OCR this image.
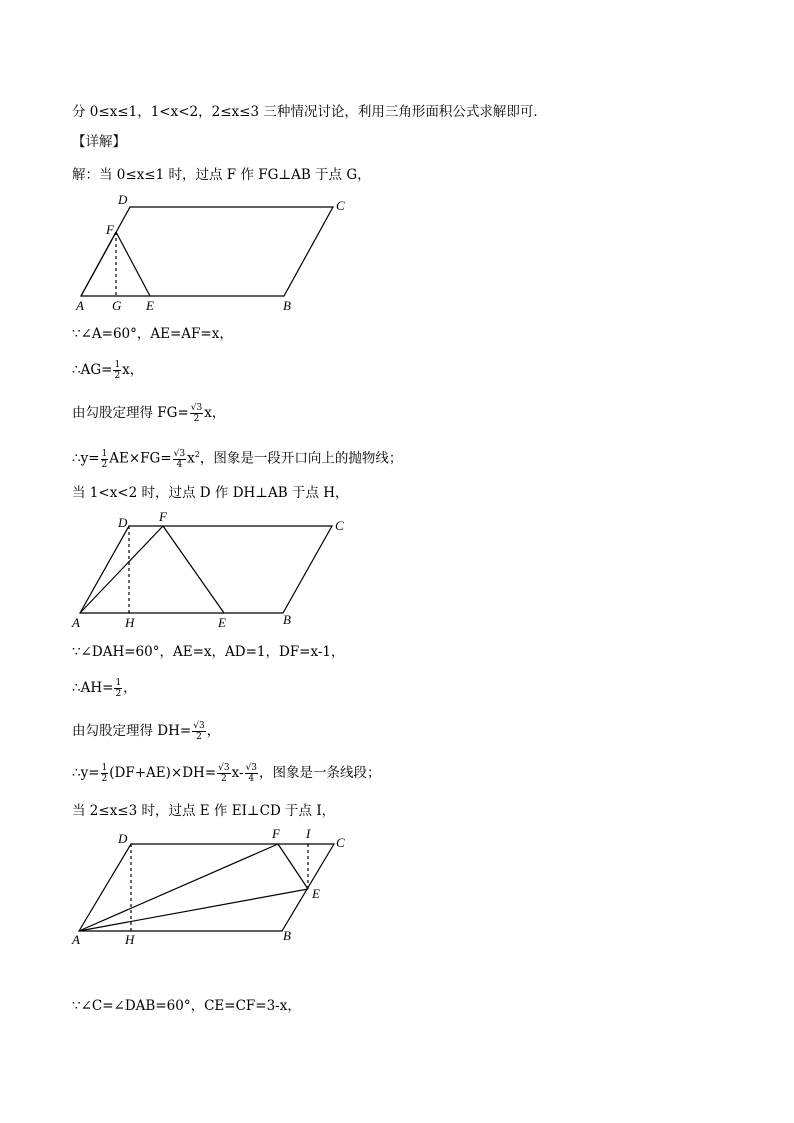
分 0≤x≤1，1<x<2，2≤x≤3 三种情况讨论，利用三角形面积公式求解即可．
【详解】
解：当 0≤x≤1 时，过点 F 作 FG⊥AB 于点 G，
A G E	B
D	C
F
∵∠A=60°，AE=AF=x，
∴AG= $\frac{1}{2}$ x，
由勾股定理得 $FG= \frac{√3}{2}$ x，
∴y= $\frac{1}{2} AE\times FG= \frac{√3}{4} x^2$，图象是一段开口向上的抛物线；
当 1<x<2 时，过点 D 作 DH⊥AB 于点 H，
A	H	E	B
D	C
F
∵∠DAH=60°，AE=x，AD=1，DF=x-1，
∴AH= $\frac{1}{2}$ ，
由勾股定理得 $DH= \frac{√3}{2}$ ，
∴y= $\frac{1}{2} (DF+AE)\times DH= \frac{√3}{2} x- \frac{√3}{4}$ ，图象是一条线段；
当 2≤x≤3 时，过点 E 作 EI⊥CD 于点 I，
A	H	B
D	C
F I
E
∵∠C=∠DAB=60°，CE=CF=3-x，
